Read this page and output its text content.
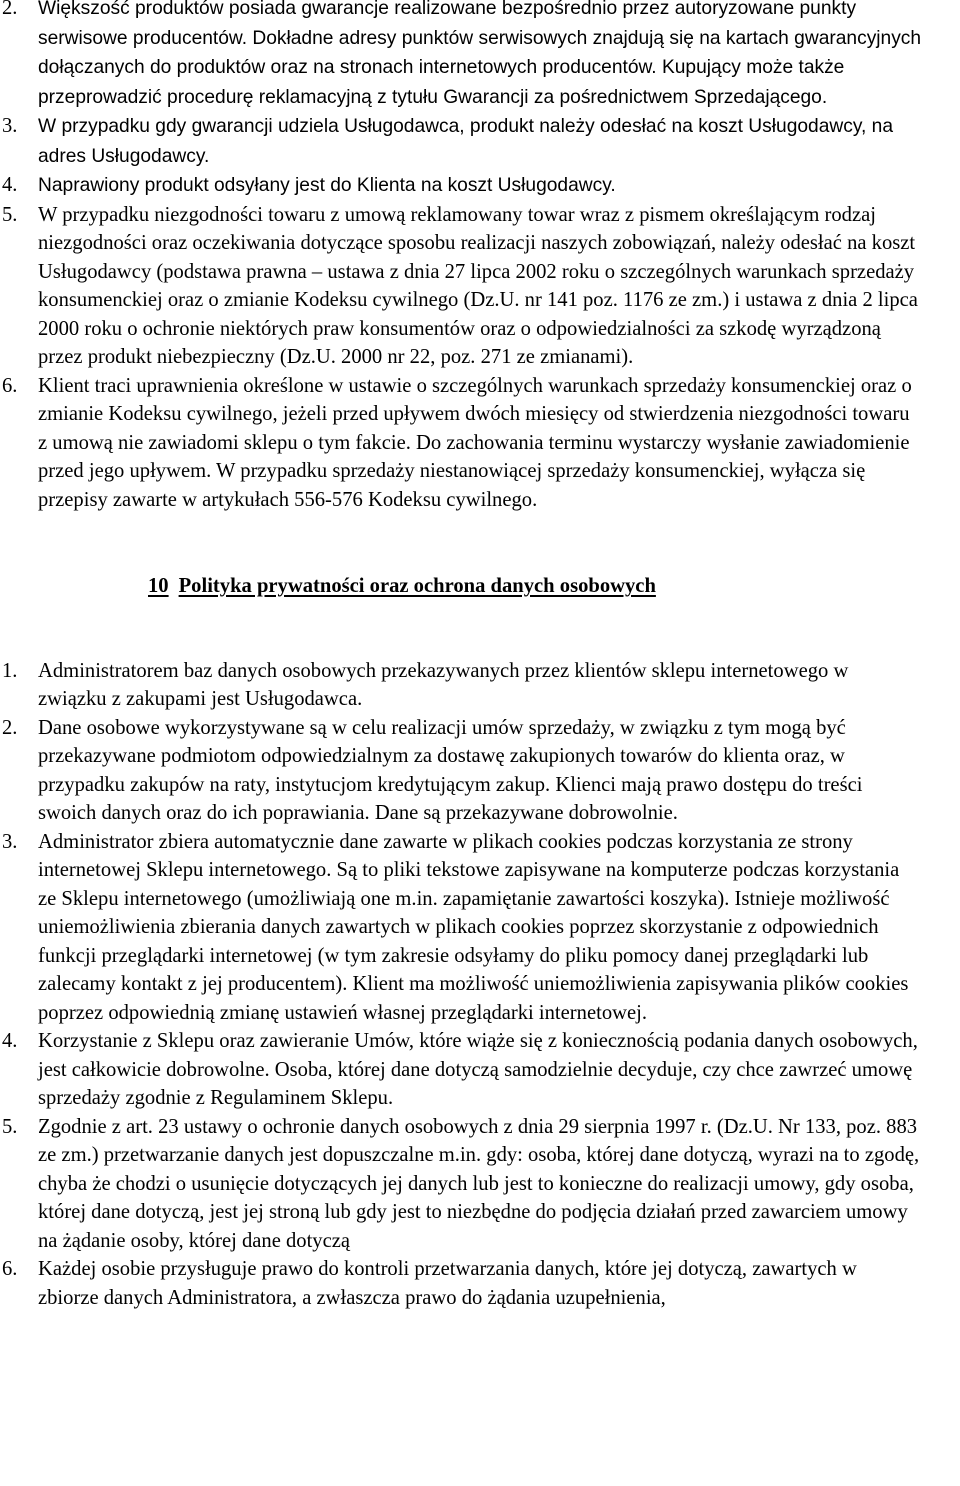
2. Większość produktów posiada gwarancje realizowane bezpośrednio przez autoryzowane punkty serwisowe producentów. Dokładne adresy punktów serwisowych znajdują się na kartach gwarancyjnych dołączanych do produktów oraz na stronach internetowych producentów. Kupujący może także przeprowadzić procedurę reklamacyjną z tytułu Gwarancji za pośrednictwem Sprzedającego.
3. W przypadku gdy gwarancji udziela Usługodawca, produkt należy odesłać na koszt Usługodawcy, na adres Usługodawcy.
4. Naprawiony produkt odsyłany jest do Klienta na koszt Usługodawcy.
5. W przypadku niezgodności towaru z umową reklamowany towar wraz z pismem określającym rodzaj niezgodności oraz oczekiwania dotyczące sposobu realizacji naszych zobowiązań, należy odesłać na koszt Usługodawcy (podstawa prawna – ustawa z dnia 27 lipca 2002 roku o szczególnych warunkach sprzedaży konsumenckiej oraz o zmianie Kodeksu cywilnego (Dz.U. nr 141 poz. 1176 ze zm.) i ustawa z dnia 2 lipca 2000 roku o ochronie niektórych praw konsumentów oraz o odpowiedzialności za szkodę wyrządzoną przez produkt niebezpieczny (Dz.U. 2000 nr 22, poz. 271 ze zmianami).
6. Klient traci uprawnienia określone w ustawie o szczególnych warunkach sprzedaży konsumenckiej oraz o zmianie Kodeksu cywilnego, jeżeli przed upływem dwóch miesięcy od stwierdzenia niezgodności towaru z umową nie zawiadomi sklepu o tym fakcie. Do zachowania terminu wystarczy wysłanie zawiadomienie przed jego upływem. W przypadku sprzedaży niestanowiącej sprzedaży konsumenckiej, wyłącza się przepisy zawarte w artykułach 556-576 Kodeksu cywilnego.
10 Polityka prywatności oraz ochrona danych osobowych
1. Administratorem baz danych osobowych przekazywanych przez klientów sklepu internetowego w związku z zakupami jest Usługodawca.
2. Dane osobowe wykorzystywane są w celu realizacji umów sprzedaży, w związku z tym mogą być przekazywane podmiotom odpowiedzialnym za dostawę zakupionych towarów do klienta oraz, w przypadku zakupów na raty, instytucjom kredytującym zakup. Klienci mają prawo dostępu do treści swoich danych oraz do ich poprawiania. Dane są przekazywane dobrowolnie.
3. Administrator zbiera automatycznie dane zawarte w plikach cookies podczas korzystania ze strony internetowej Sklepu internetowego. Są to pliki tekstowe zapisywane na komputerze podczas korzystania ze Sklepu internetowego (umożliwiają one m.in. zapamiętanie zawartości koszyka). Istnieje możliwość uniemożliwienia zbierania danych zawartych w plikach cookies poprzez skorzystanie z odpowiednich funkcji przeglądarki internetowej (w tym zakresie odsyłamy do pliku pomocy danej przeglądarki lub zalecamy kontakt z jej producentem). Klient ma możliwość uniemożliwienia zapisywania plików cookies poprzez odpowiednią zmianę ustawień własnej przeglądarki internetowej.
4. Korzystanie z Sklepu oraz zawieranie Umów, które wiąże się z koniecznością podania danych osobowych, jest całkowicie dobrowolne. Osoba, której dane dotyczą samodzielnie decyduje, czy chce zawrzeć umowę sprzedaży zgodnie z Regulaminem Sklepu.
5. Zgodnie z art. 23 ustawy o ochronie danych osobowych z dnia 29 sierpnia 1997 r. (Dz.U. Nr 133, poz. 883 ze zm.) przetwarzanie danych jest dopuszczalne m.in. gdy: osoba, której dane dotyczą, wyrazi na to zgodę, chyba że chodzi o usunięcie dotyczących jej danych lub jest to konieczne do realizacji umowy, gdy osoba, której dane dotyczą, jest jej stroną lub gdy jest to niezbędne do podjęcia działań przed zawarciem umowy na żądanie osoby, której dane dotyczą
6. Każdej osobie przysługuje prawo do kontroli przetwarzania danych, które jej dotyczą, zawartych w zbiorze danych Administratora, a zwłaszcza prawo do żądania uzupełnienia,
